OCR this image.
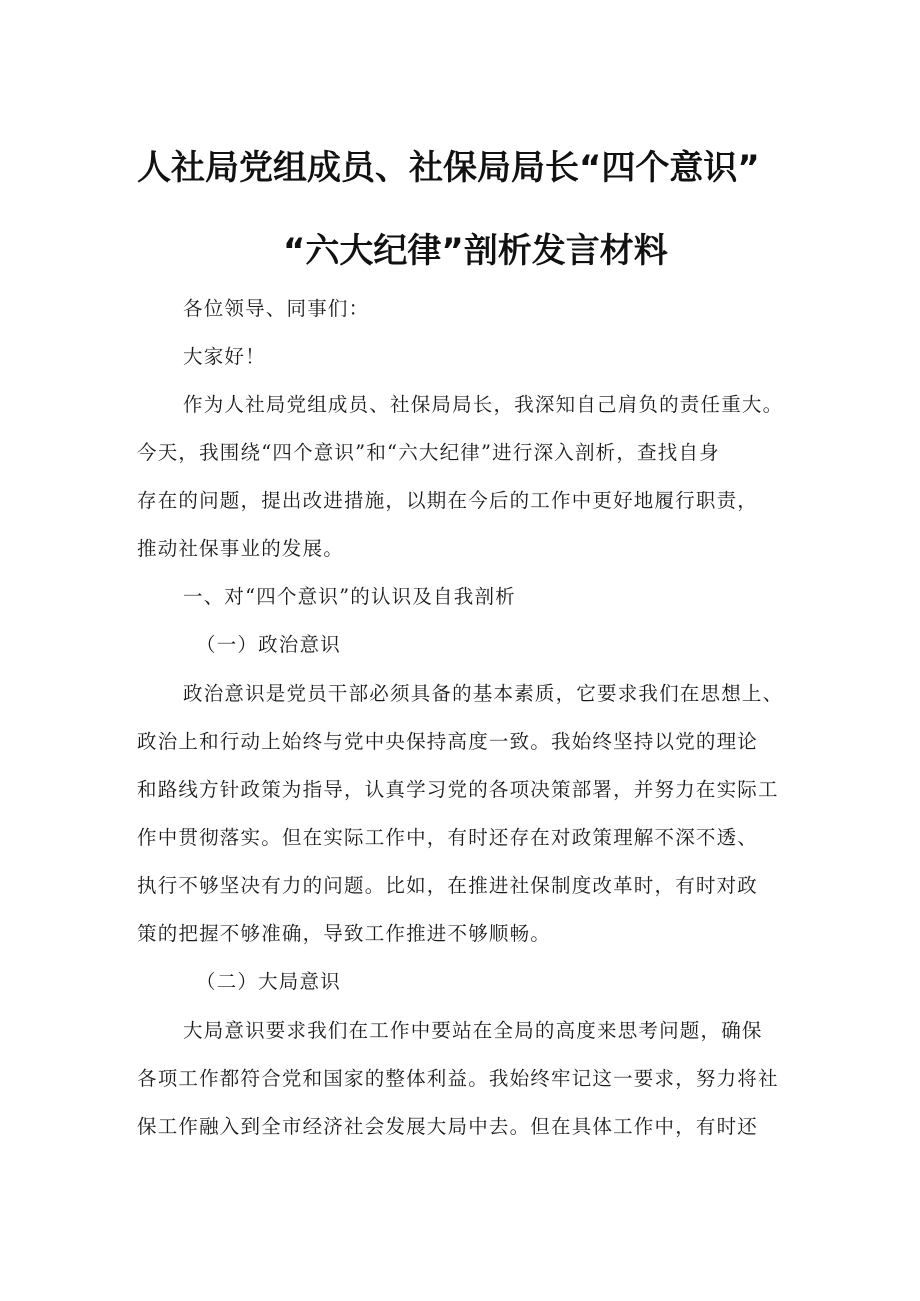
人社局党组成员、社保局局长“四个意识”
“六大纪律”剖析发言材料
各位领导、同事们：
大家好！
作为人社局党组成员、社保局局长，我深知自己肩负的责任重大。
今天，我围绕“四个意识”和“六大纪律”进行深入剖析，查找自身
存在的问题，提出改进措施，以期在今后的工作中更好地履行职责，
推动社保事业的发展。
一、对“四个意识”的认识及自我剖析
（一）政治意识
政治意识是党员干部必须具备的基本素质，它要求我们在思想上、
政治上和行动上始终与党中央保持高度一致。我始终坚持以党的理论
和路线方针政策为指导，认真学习党的各项决策部署，并努力在实际工
作中贯彻落实。但在实际工作中，有时还存在对政策理解不深不透、
执行不够坚决有力的问题。比如，在推进社保制度改革时，有时对政
策的把握不够准确，导致工作推进不够顺畅。
（二）大局意识
大局意识要求我们在工作中要站在全局的高度来思考问题，确保
各项工作都符合党和国家的整体利益。我始终牢记这一要求，努力将社
保工作融入到全市经济社会发展大局中去。但在具体工作中，有时还
